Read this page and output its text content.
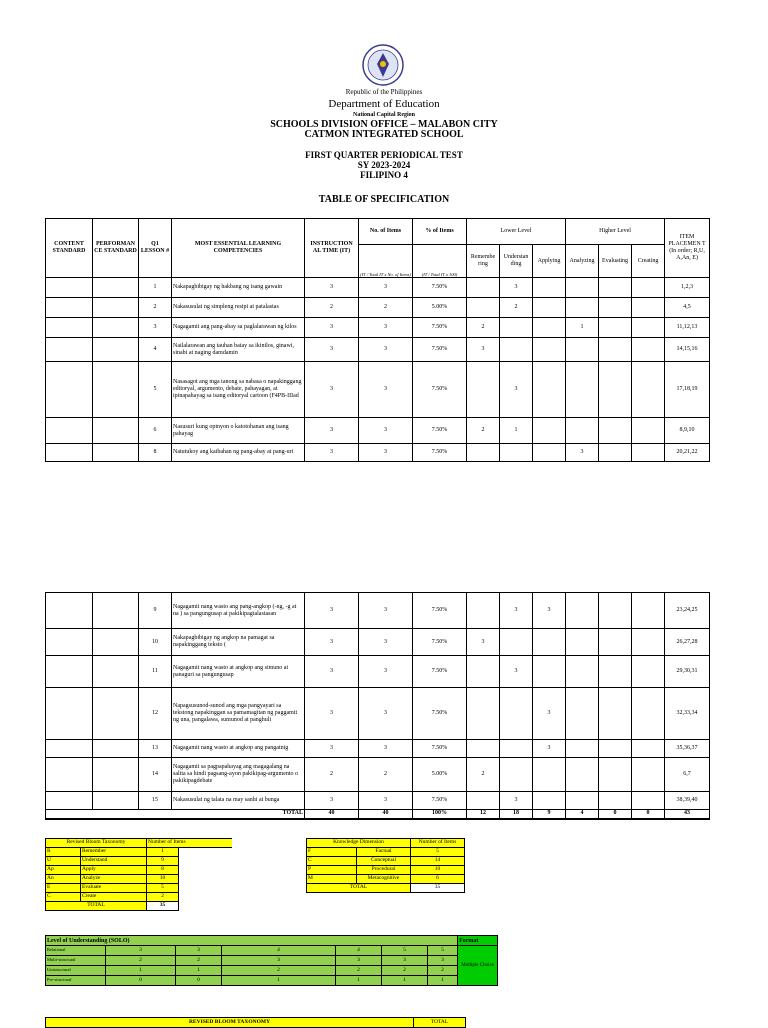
Republic of the Philippines
Department of Education
National Capital Region
SCHOOLS DIVISION OFFICE – MALABON CITY
CATMON INTEGRATED SCHOOL
FIRST QUARTER PERIODICAL TEST
SY 2023-2024
FILIPINO 4
TABLE OF SPECIFICATION
CONTENT STANDARD	PERFORMAN CE STANDARD	Q1 LESSON #	MOST ESSENTIAL LEARNING COMPETENCIES	INSTRUCTION AL TIME (IT)	No. of Items	% of Items	Lower Level			Higher Level			ITEM PLACEMEN T (In order; R,U, A,An, E)
					(IT / Total IT x No. of Items)	(IT / Total IT x 100)	Remembe ring	Understan ding	Applying	Analyzing	Evaluating	Creating	
		1	Nakapagbibigay ng hakbang ng isang gawain	3	3	7.50%		3					1,2,3
		2	Nakasusulat ng simpleng resipi at patalastas	2	2	5.00%		2					4,5
		3	Nagagamit ang pang-abay sa paglalarawan ng kilos	3	3	7.50%	2			1			11,12,13
		4	Nailalarawan ang tauhan batay sa ikinilos, ginawi, sinabi at naging damdamin	3	3	7.50%	3						14,15,16
		5	Nasasagot ang mga tanong sa nabasa o napakinggang editoryal, argumento, debate, pahayagan, at ipinapahayag sa isang editoryal cartoon (F4PB-IIIad	3	3	7.50%		3					17,18,19
		6	Nasusuri kung opinyon o katotohanan ang isang pahayag	3	3	7.50%	2	1					8,9,10
		8	Natutukoy ang kaibahan ng pang-abay at pang-uri	3	3	7.50%				3			20,21,22
		9	Nagagamit nang wasto ang pang-angkop (-ng, -g at na ) sa pangungusap at pakikipagtalastasan	3	3	7.50%		3	3				23,24,25
		10	Nakapagbibigay ng angkop na pamagat sa napakinggang teksto (	3	3	7.50%	3						26,27,28
		11	Nagagamit nang wasto at angkop ang simuno at panaguri sa pangungusap	3	3	7.50%		3					29,30,31
		12	Napagsusunod-sunod ang mga pangyayari sa tekstong napakinggan sa pamamagitan ng paggamit ng una, pangalawa, sumunod at panghuli	3	3	7.50%			3				32,33,34
		13	Nagagamit nang wasto at angkop ang pangatnig	3	3	7.50%			3				35,36,37
		14	Nagagamit sa pagpapahayag ang magagalang na salita sa hindi pagsang-ayon pakikipag-argumento o pakikipagdebate	2	2	5.00%	2						6,7
		15	Nakasusulat ng talata na may sanhi at bunga	3	3	7.50%		3					38,39,40
			TOTAL	40	40	100%	12	18	9	4	0	0	43
Revised Bloom Taxonomy		Number of Items	
R	Remember	1	
U	Understand	9	
Ap	Apply	8	
An	Analyze	10	
E	Evaluate	5	
C	Create	2	
TOTAL		35	
Knowledge Dimension		Number of Items
F	Factual	5
C	Conceptual	14
P	Procedural	10
M	Metacognitive	6
TOTAL		35
Level of Understanding (SOLO)							Format
Relational	3	3	4	4	5	5	Multiple Choice
Multi-structural	2	2	3	3	3	3	
Unistructural	1	1	2	2	2	2	
Pre-structural	0	0	1	1	1	1	
REVISED BLOOM TAXONOMY	TOTAL
